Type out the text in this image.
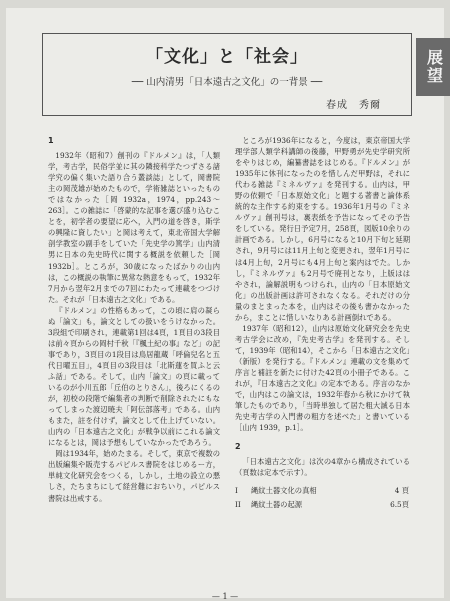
展望
「文化」と「社会」
── 山内清男「日本遠古之文化」の一背景 ──
春成　秀爾

1

1932年（昭和7）創刊の『ドルメン』は，「人類学，考古学，民俗学並に其の隣接科学たつずさる諸学究の偏く集いた語り合う叢談誌」として，岡書院主の岡茂雄が始めたもので，学術雑誌といったものではなかった［岡 1932a，1974，pp.243～263］。この雑誌に「啓蒙的な記事を選び盛り込むことを，初学者の要望に応へ，入門の道を啓き，斯学の興隆に資したい」と岡は考えて，東北帝国大学解剖学教室の副手をしていた「先史学の篤学」山内清男に日本の先史時代に関する概説を依頼した［岡 1932b］。ところが，30歳になったばかりの山内は，この概説の執筆に異常な熱意をもって，1932年7月から翌年2月までの7回にわたって連載をつづけた。それが「日本遠古之文化」である。

『ドルメン』の性格もあって，この頃に肩の凝らぬ「論文」も，論文としての扱いをうけなかった。3段組で印刷され，連載第1回は4頁，1頁目の3段目は前々頁からの岡村千秋「『楓土紀の事』など」の記事であり，3頁目の1段目は鳥居龍蔵「呼倫兒名と五代日曜五目」，4頁目の3段目は「北斯蓮を買ふと云ふ話」である。そして，山内「論文」の頁に載っているのが小川五郎「丘伯のとりさん」，後ろにくるのが，初校の段階で編集者の判断で削除されたにもなってしまった渡辺暁夫「阿伝部落考」である。山内もまた，註を付けず，論文として仕上げていない。山内の「日本遠古之文化」が戦争以前にこれる論文になるとは，岡は予想もしていなかったであろう。

岡は1934年，始めたまる。そして，東京で複数の出版編集や販売するパピルス書院をはじめるー方，単純文化研究会をつくる，しかし，土地の設立の悪しさ，たちまちにして経営難におちいり，パピルス書院は出戒する。

ところが1936年になると，今度は，東京帝国大学理学部人類学科講師の後藤，甲野勇が先史学研究所をやりはじめ，編纂書誌をはじめる。『ドルメン』が1935年に休刊になったのを惜しんだ甲野は，それに代わる雑誌『ミネルヴァ』を発刊する。山内は，甲野の依頼で「日本原始文化」と題する著書と論体系統的な主作する約束をする。1936年1月号の『ミネルヴァ』創刊号は，裏表紙を予告になってその予告をしている。発行日予定7月，258頁，図版10余りの計画である。しかし，6月号になると10月下旬と延期され，9月号には11月上旬と変更され，翌年1月号には4月上旬，2月号にも4月上旬と案内はでた。しかし，『ミネルヴァ』も2月号で廃刊となり，上版ははやされ，論解説明もつけられ，山内の「日本原始文化」の出版計画は許可されなくなる。それだけの分量のまとまった本を，山内はその後も書かなかったから，まことに惜しいなりある計画倒れである。

1937年（昭和12），山内は原始文化研究会を先史考古学会に改め，『先史考古学』を発刊する。そして，1939年（昭和14），そこから「日本遠古之文化」（新版）を発行する。『ドルメン』連載の文を集めて序言と補註を新たに付けた42頁の小冊子である。これが，『日本遠古之文化』の定本である。序言のなかで，山内はこの論文は，1932年春から秋にかけて執筆したものであり，「当時単独して居た粗大滅る日本先史考古学の入門書の粗方を述べた」と書いている［山内 1939，p.1］。

2

「日本遠古之文化」は次の4章から構成されている（頁数は定本で示す）。

I	縄紋土器文化の真相	4 頁
II	縄紋土器の起源	6.5頁
— 1 —
